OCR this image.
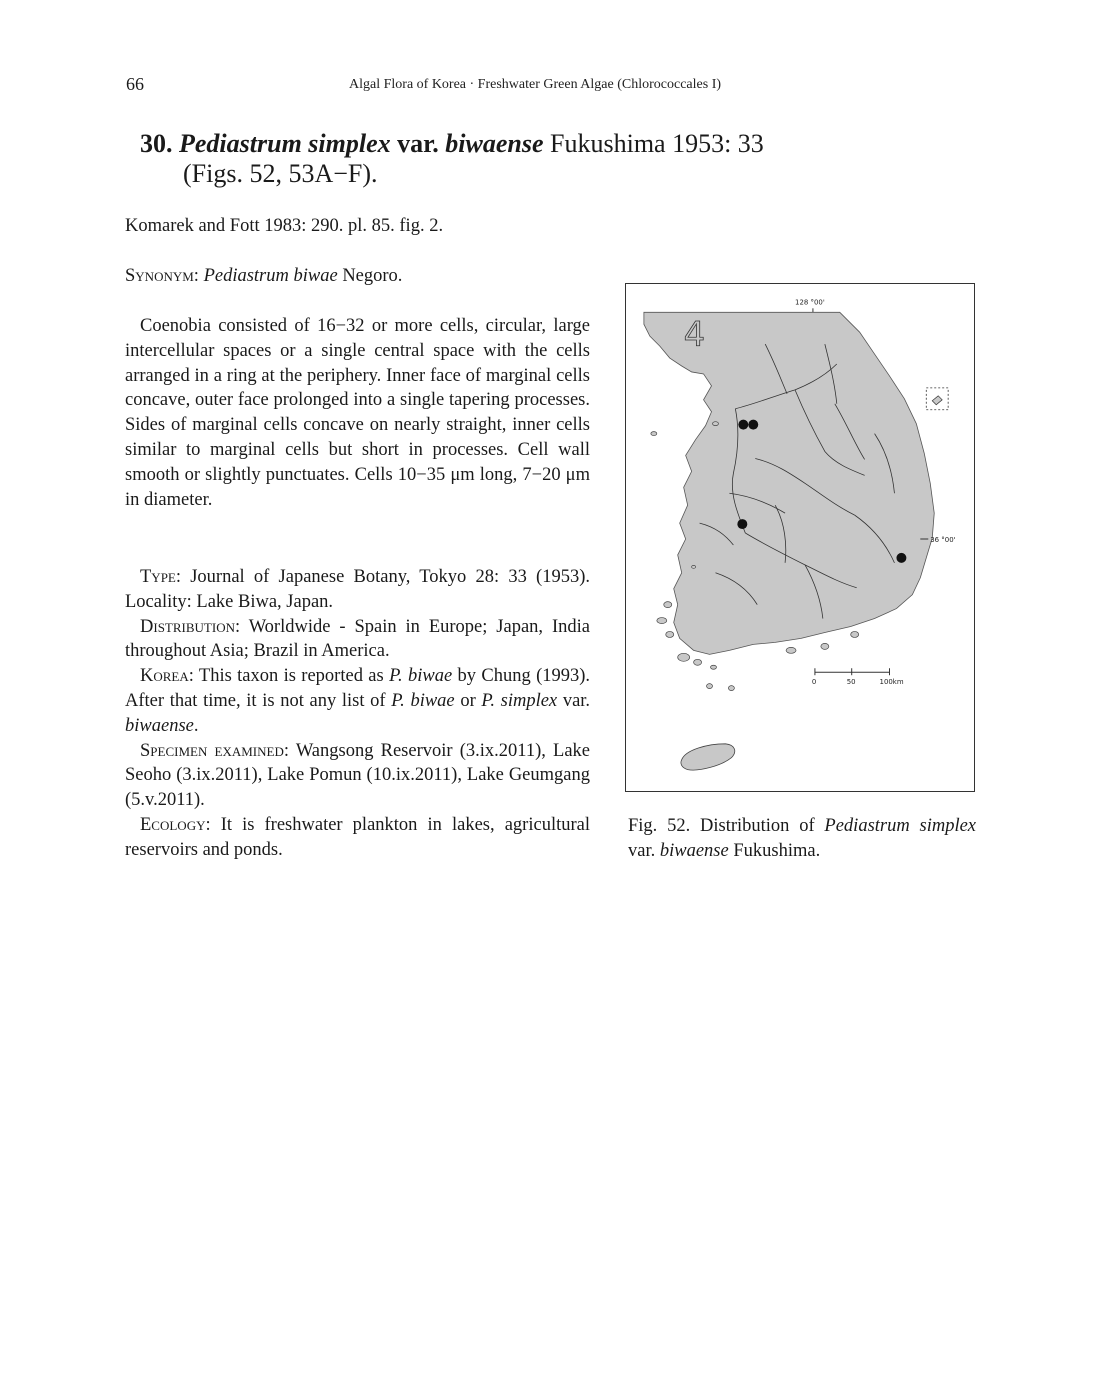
66	Algal Flora of Korea · Freshwater Green Algae (Chlorococcales I)
30. Pediastrum simplex var. biwaense Fukushima 1953: 33
(Figs. 52, 53A−F).
Komarek and Fott 1983: 290. pl. 85. fig. 2.
Synonym: Pediastrum biwae Negoro.
Coenobia consisted of 16−32 or more cells, circular, large intercellular spaces or a single central space with the cells arranged in a ring at the periphery. Inner face of marginal cells concave, outer face prolonged into a single tapering processes. Sides of marginal cells concave on nearly straight, inner cells similar to marginal cells but short in processes. Cell wall smooth or slightly punctuates. Cells 10−35 μm long, 7−20 μm in diameter.

Type: Journal of Japanese Botany, Tokyo 28: 33 (1953). Locality: Lake Biwa, Japan.

Distribution: Worldwide - Spain in Europe; Japan, India throughout Asia; Brazil in America.

Korea: This taxon is reported as P. biwae by Chung (1993). After that time, it is not any list of P. biwae or P. simplex var. biwaense.

Specimen examined: Wangsong Reservoir (3.ix.2011), Lake Seoho (3.ix.2011), Lake Pomun (10.ix.2011), Lake Geumgang (5.v.2011).

Ecology: It is freshwater plankton in lakes, agricultural reservoirs and ponds.

128 °00'
4
36 °00'
0	50	100km
Fig. 52. Distribution of Pediastrum simplex var. biwaense Fukushima.
